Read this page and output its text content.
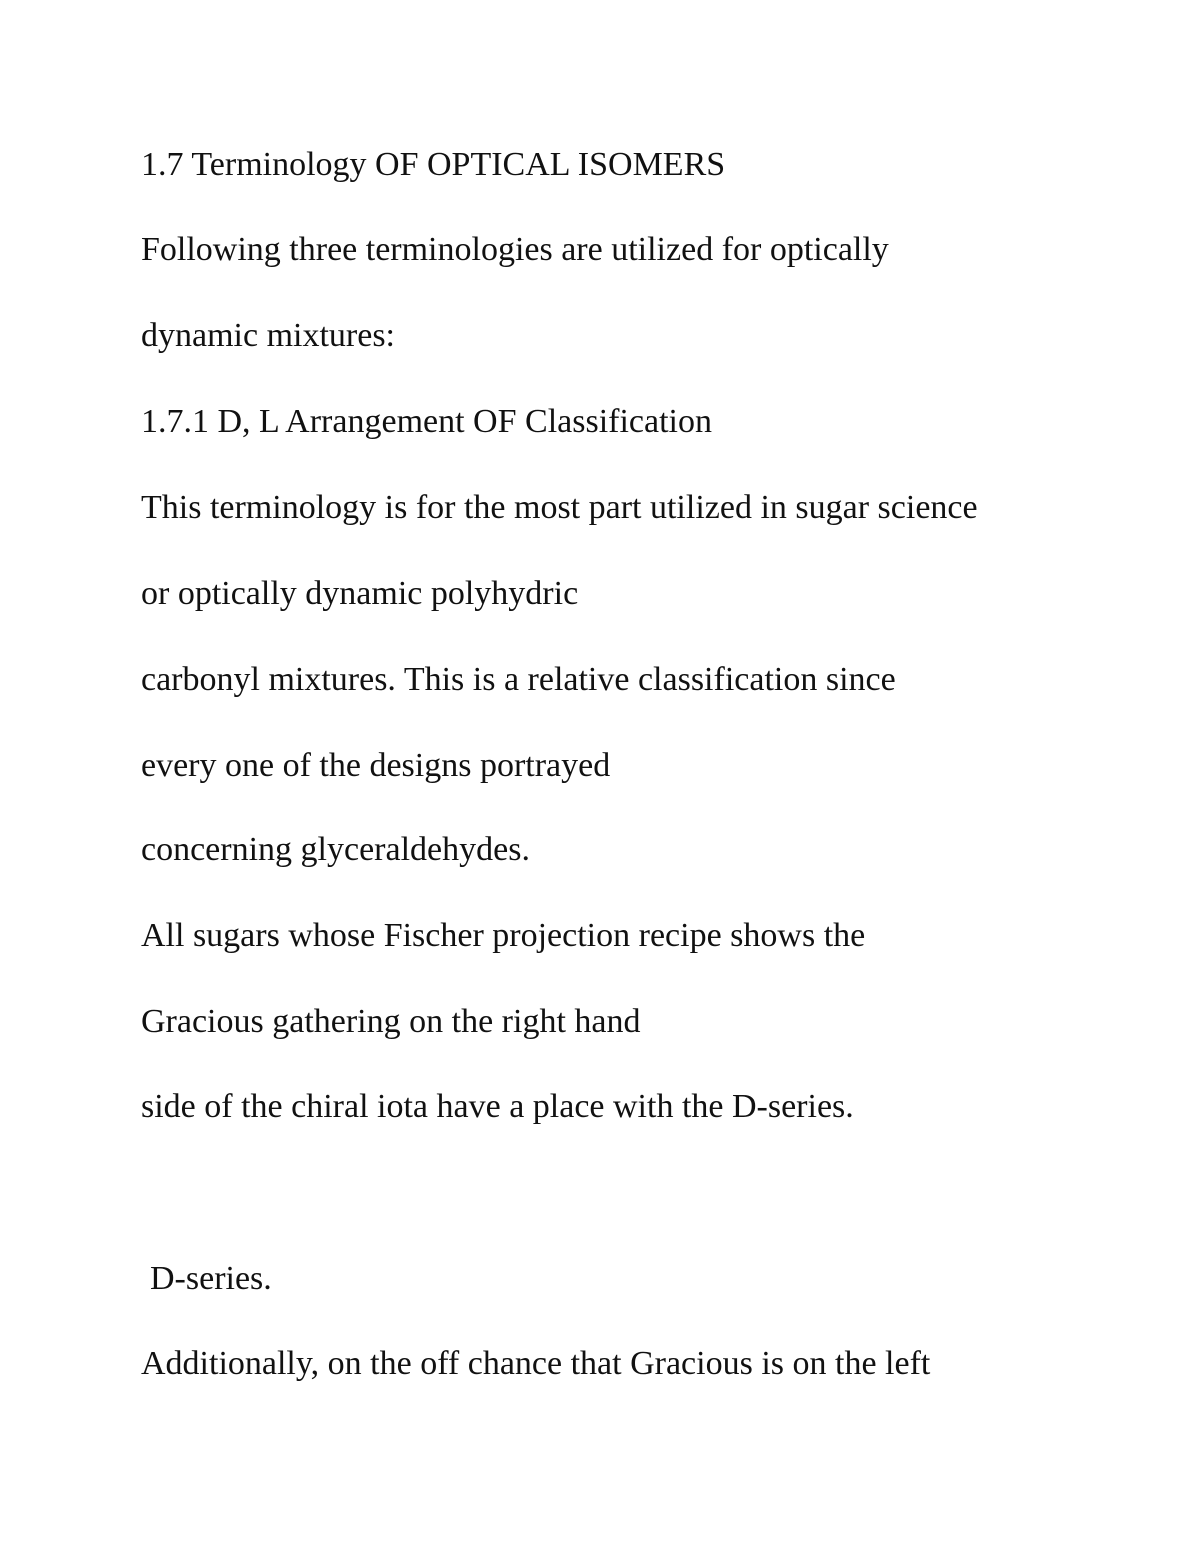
1.7 Terminology OF OPTICAL ISOMERS

Following three terminologies are utilized for optically

dynamic mixtures:

1.7.1 D, L Arrangement OF Classification

This terminology is for the most part utilized in sugar science

or optically dynamic polyhydric

carbonyl mixtures. This is a relative classification since

every one of the designs portrayed

concerning glyceraldehydes.

All sugars whose Fischer projection recipe shows the

Gracious gathering on the right hand

side of the chiral iota have a place with the D-series.

D-series.

Additionally, on the off chance that Gracious is on the left
